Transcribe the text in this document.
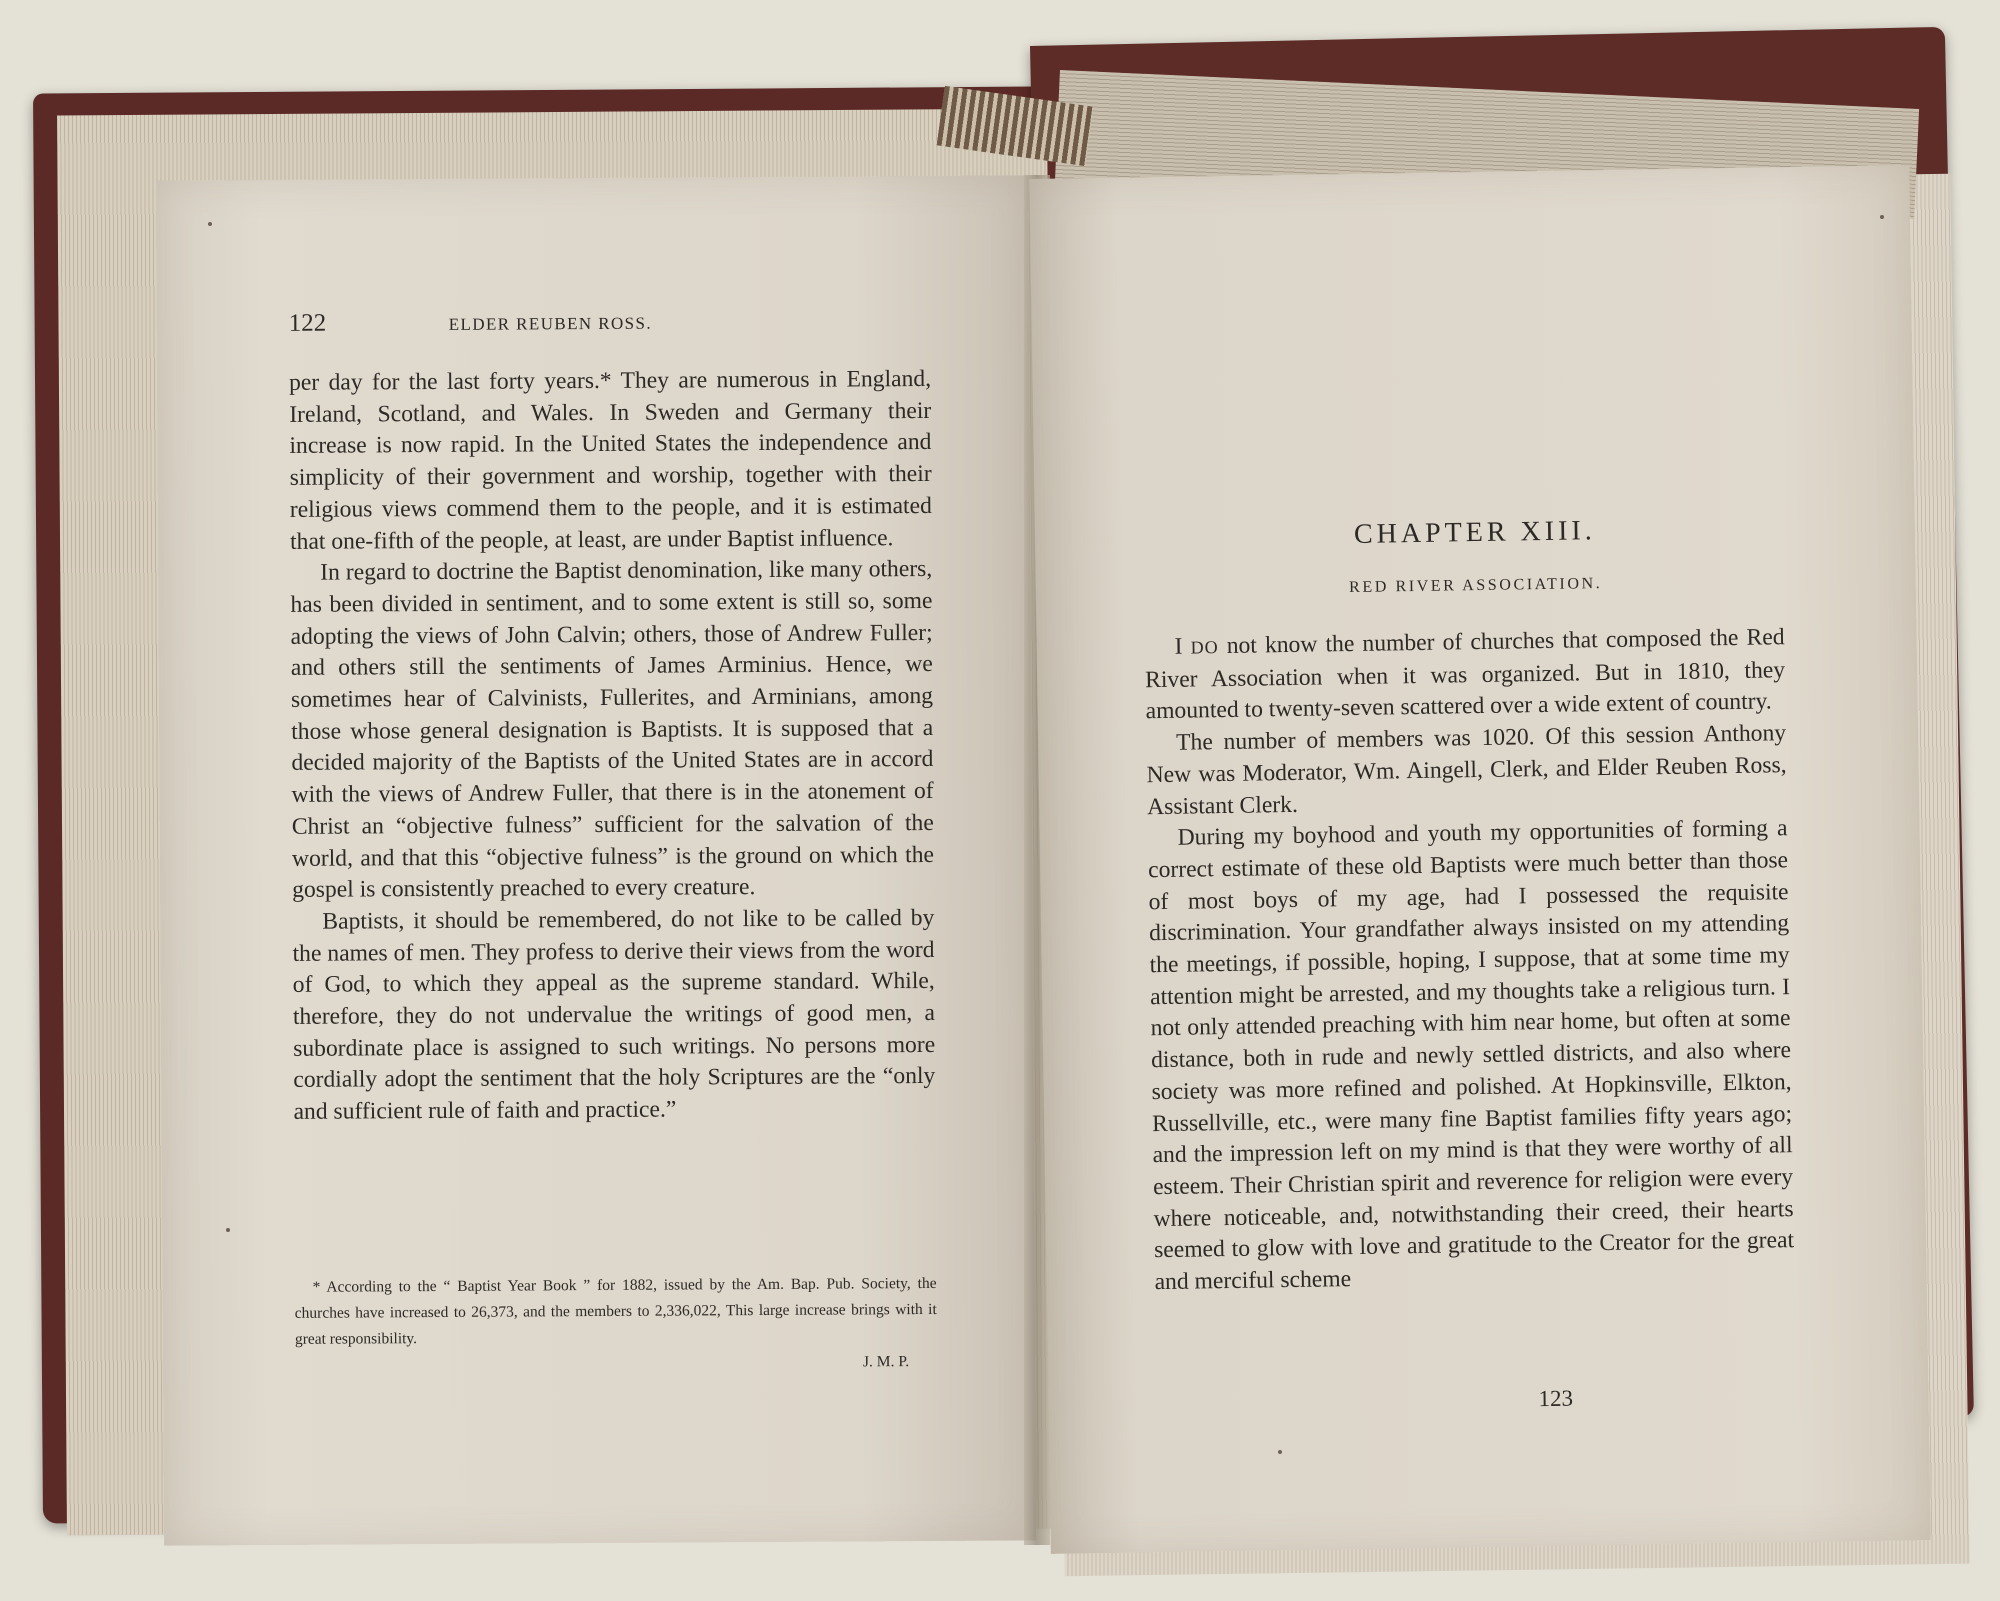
122	ELDER REUBEN ROSS.

per day for the last forty years.* They are numerous in England, Ireland, Scotland, and Wales. In Sweden and Germany their increase is now rapid. In the United States the independence and simplicity of their government and worship, together with their religious views commend them to the people, and it is estimated that one-fifth of the people, at least, are under Baptist influence.

In regard to doctrine the Baptist denomination, like many others, has been divided in sentiment, and to some extent is still so, some adopting the views of John Calvin; others, those of Andrew Fuller; and others still the sentiments of James Arminius. Hence, we sometimes hear of Calvinists, Fullerites, and Arminians, among those whose general designation is Baptists. It is supposed that a decided majority of the Baptists of the United States are in accord with the views of Andrew Fuller, that there is in the atonement of Christ an “objective fulness” sufficient for the salvation of the world, and that this “objective fulness” is the ground on which the gospel is consistently preached to every creature.

Baptists, it should be remembered, do not like to be called by the names of men. They profess to derive their views from the word of God, to which they appeal as the supreme standard. While, therefore, they do not undervalue the writings of good men, a subordinate place is assigned to such writings. No persons more cordially adopt the sentiment that the holy Scriptures are the “only and sufficient rule of faith and practice.”

* According to the “ Baptist Year Book ” for 1882, issued by the Am. Bap. Pub. Society, the churches have increased to 26,373, and the members to 2,336,022, This large increase brings with it great responsibility.

J. M. P.
CHAPTER XIII.
RED RIVER ASSOCIATION.

I DO not know the number of churches that composed the Red River Association when it was organized. But in 1810, they amounted to twenty-seven scattered over a wide extent of country.

The number of members was 1020. Of this session Anthony New was Moderator, Wm. Aingell, Clerk, and Elder Reuben Ross, Assistant Clerk.

During my boyhood and youth my opportunities of forming a correct estimate of these old Baptists were much better than those of most boys of my age, had I possessed the requisite discrimination. Your grandfather always insisted on my attending the meetings, if possible, hoping, I suppose, that at some time my attention might be arrested, and my thoughts take a religious turn. I not only attended preaching with him near home, but often at some distance, both in rude and newly settled districts, and also where society was more refined and polished. At Hopkinsville, Elkton, Russellville, etc., were many fine Baptist families fifty years ago; and the impression left on my mind is that they were worthy of all esteem. Their Christian spirit and reverence for religion were every where noticeable, and, notwithstanding their creed, their hearts seemed to glow with love and gratitude to the Creator for the great and merciful scheme

123
